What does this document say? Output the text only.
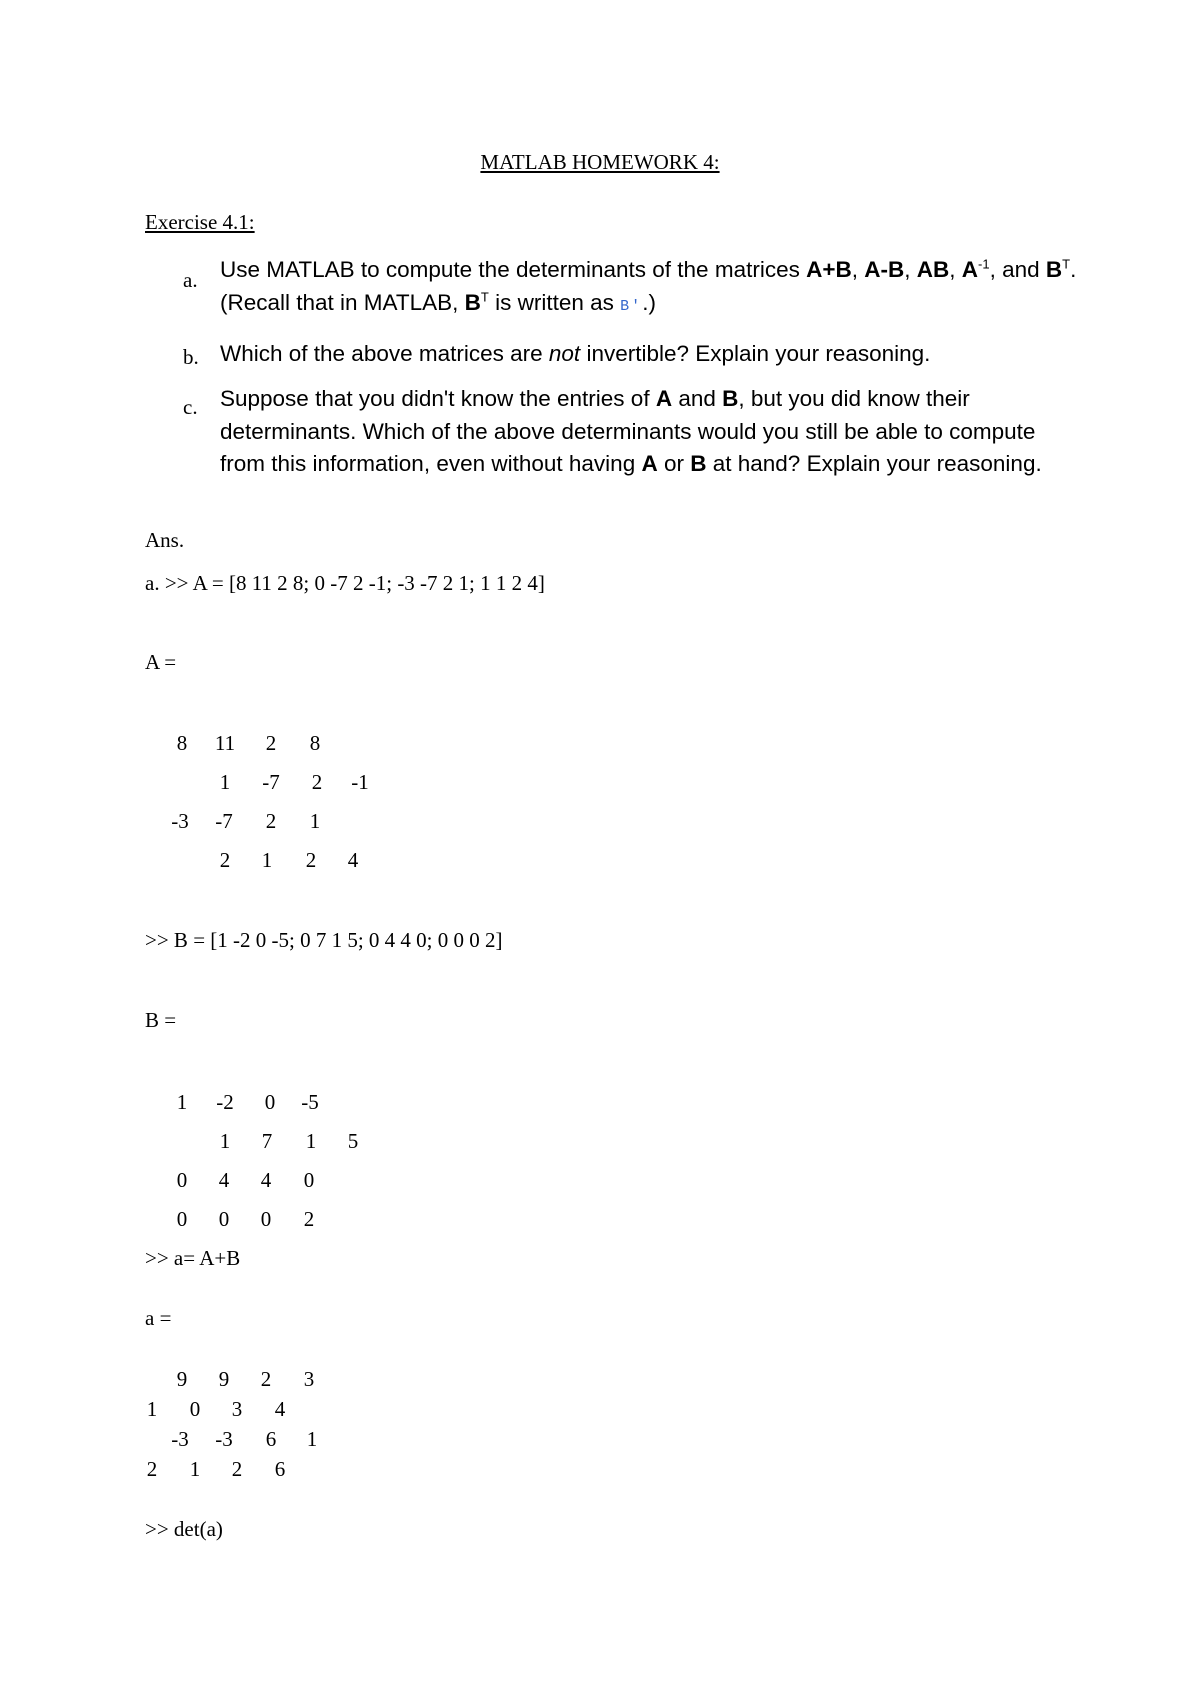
MATLAB HOMEWORK 4:
Exercise 4.1:
a. Use MATLAB to compute the determinants of the matrices A+B, A-B, AB, $A^{-1}$, and $B^T$. (Recall that in MATLAB, $B^T$ is written as B'.)
b. Which of the above matrices are not invertible? Explain your reasoning.
c. Suppose that you didn't know the entries of A and B, but you did know their determinants. Which of the above determinants would you still be able to compute from this information, even without having A or B at hand? Explain your reasoning.
Ans.
a. >> A = [8 11 2 8; 0 -7 2 -1; -3 -7 2 1; 1 1 2 4]
A =
8	11	2	8
1	-7	2	-1
-3	-7	2	1
2	1	2	4
>> B = [1 -2 0 -5; 0 7 1 5; 0 4 4 0; 0 0 0 2]
B =
1	-2	0	-5
1	7	1	5
0	4	4	0
0	0	0	2
>> a= A+B
a =
9	9	2	3
1	0	3	4
-3	-3	6	1
2	1	2	6
>> det(a)
